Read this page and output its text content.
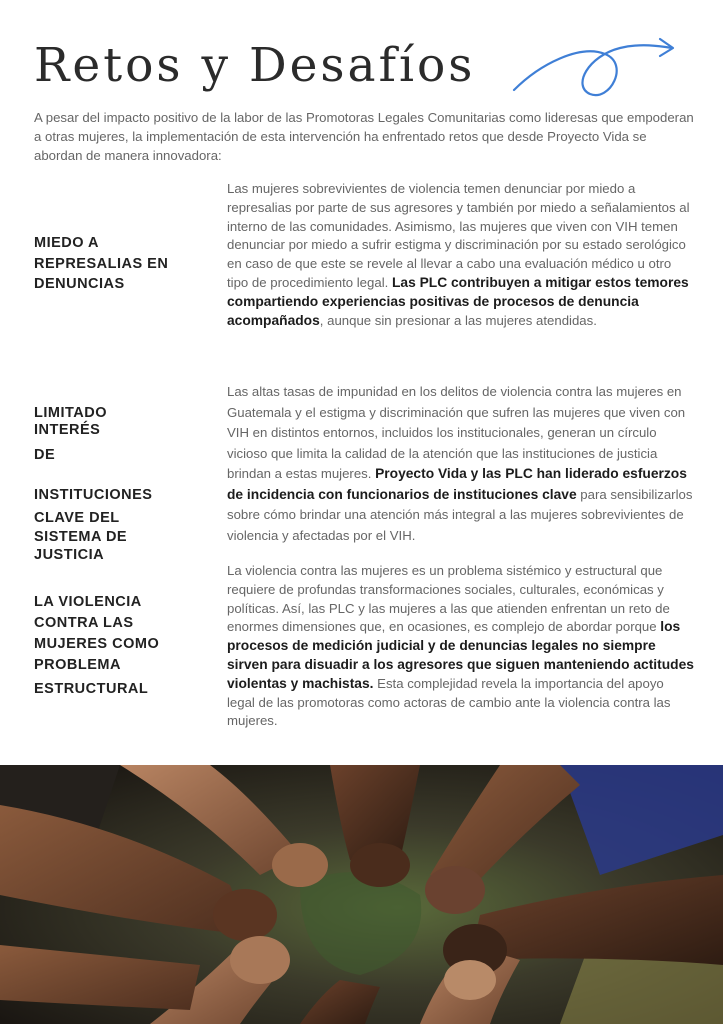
Retos y Desafíos

A pesar del impacto positivo de la labor de las Promotoras Legales Comunitarias como lideresas que empoderan a otras mujeres, la implementación de esta intervención ha enfrentado retos que desde Proyecto Vida se abordan de manera innovadora:

MIEDO A
REPRESALIAS EN
DENUNCIAS
Las mujeres sobrevivientes de violencia temen denunciar por miedo a represalias por parte de sus agresores y también por miedo a señalamientos al interno de las comunidades. Asimismo, las mujeres que viven con VIH temen denunciar por miedo a sufrir estigma y discriminación por su estado serológico en caso de que este se revele al llevar a cabo una evaluación médico u otro tipo de procedimiento legal. Las PLC contribuyen a mitigar estos temores compartiendo experiencias positivas de procesos de denuncia acompañados, aunque sin presionar a las mujeres atendidas.
LIMITADO
INTERÉS
DE
INSTITUCIONES
CLAVE DEL
SISTEMA DE
JUSTICIA
Las altas tasas de impunidad en los delitos de violencia contra las mujeres en Guatemala y el estigma y discriminación que sufren las mujeres que viven con VIH en distintos entornos, incluidos los institucionales, generan un círculo vicioso que limita la calidad de la atención que las instituciones de justicia brindan a estas mujeres. Proyecto Vida y las PLC han liderado esfuerzos de incidencia con funcionarios de instituciones clave para sensibilizarlos sobre cómo brindar una atención más integral a las mujeres sobrevivientes de violencia y afectadas por el VIH.
LA VIOLENCIA
CONTRA LAS
MUJERES COMO
PROBLEMA
ESTRUCTURAL
La violencia contra las mujeres es un problema sistémico y estructural que requiere de profundas transformaciones sociales, culturales, económicas y políticas. Así, las PLC y las mujeres a las que atienden enfrentan un reto de enormes dimensiones que, en ocasiones, es complejo de abordar porque los procesos de medición judicial y de denuncias legales no siempre sirven para disuadir a los agresores que siguen manteniendo actitudes violentas y machistas. Esta complejidad revela la importancia del apoyo legal de las promotoras como actoras de cambio ante la violencia contra las mujeres.
